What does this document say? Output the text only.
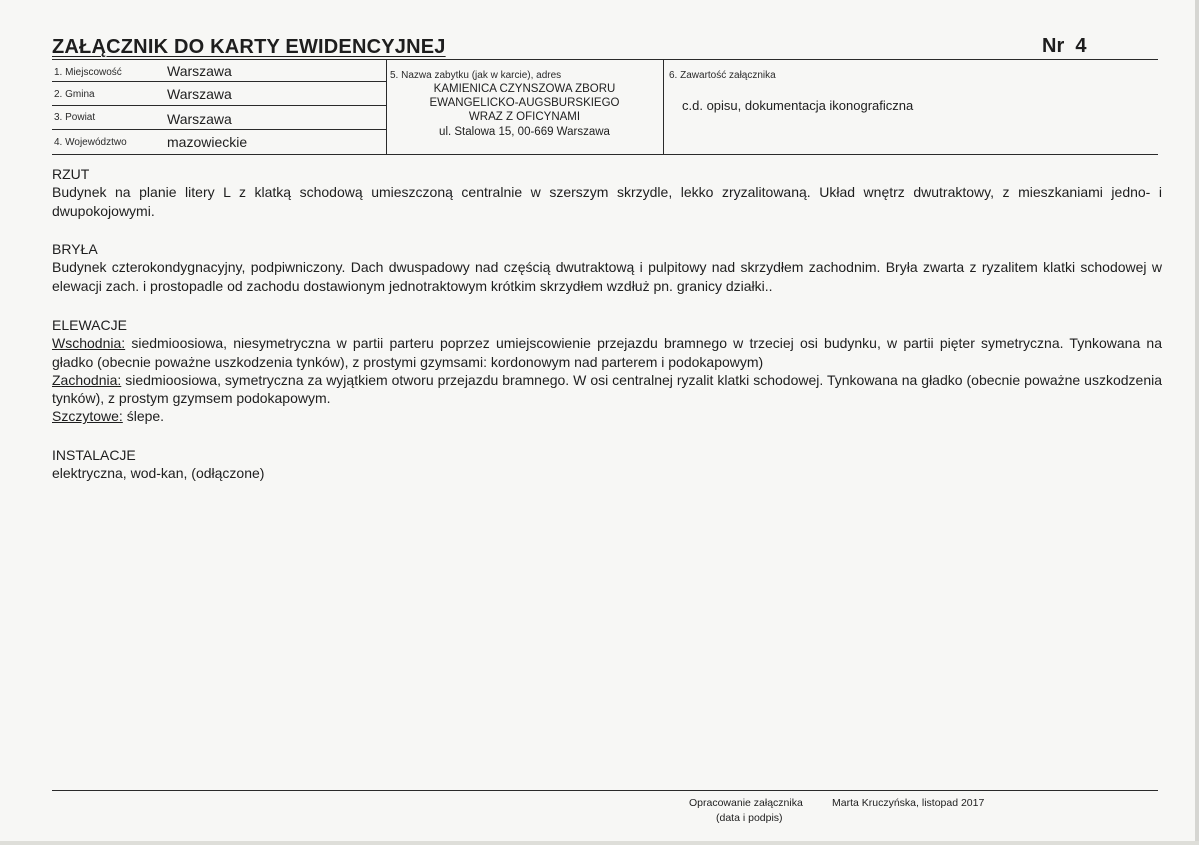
ZAŁĄCZNIK DO KARTY EWIDENCYJNEJ	Nr 4
1. Miejscowość	Warszawa
2. Gmina	Warszawa
3. Powiat	Warszawa
4. Województwo	mazowieckie
5. Nazwa zabytku (jak w karcie), adres
KAMIENICA CZYNSZOWA ZBORU
EWANGELICKO-AUGSBURSKIEGO
WRAZ Z OFICYNAMI
ul. Stalowa 15, 00-669 Warszawa
6. Zawartość załącznika
c.d. opisu, dokumentacja ikonograficzna
RZUT
Budynek na planie litery L z klatką schodową umieszczoną centralnie w szerszym skrzydle, lekko zryzalitowaną. Układ wnętrz dwutraktowy, z mieszkaniami jedno- i dwupokojowymi.
BRYŁA
Budynek czterokondygnacyjny, podpiwniczony. Dach dwuspadowy nad częścią dwutraktową i pulpitowy nad skrzydłem zachodnim. Bryła zwarta z ryzalitem klatki schodowej w elewacji zach. i prostopadle od zachodu dostawionym jednotraktowym krótkim skrzydłem wzdłuż pn. granicy działki..
ELEWACJE
Wschodnia: siedmioosiowa, niesymetryczna w partii parteru poprzez umiejscowienie przejazdu bramnego w trzeciej osi budynku, w partii pięter symetryczna. Tynkowana na gładko (obecnie poważne uszkodzenia tynków), z prostymi gzymsami: kordonowym nad parterem i podokapowym)
Zachodnia: siedmioosiowa, symetryczna za wyjątkiem otworu przejazdu bramnego. W osi centralnej ryzalit klatki schodowej. Tynkowana na gładko (obecnie poważne uszkodzenia tynków), z prostym gzymsem podokapowym.
Szczytowe: ślepe.
INSTALACJE
elektryczna, wod-kan, (odłączone)
Opracowanie załącznika
(data i podpis)
Marta Kruczyńska, listopad 2017
